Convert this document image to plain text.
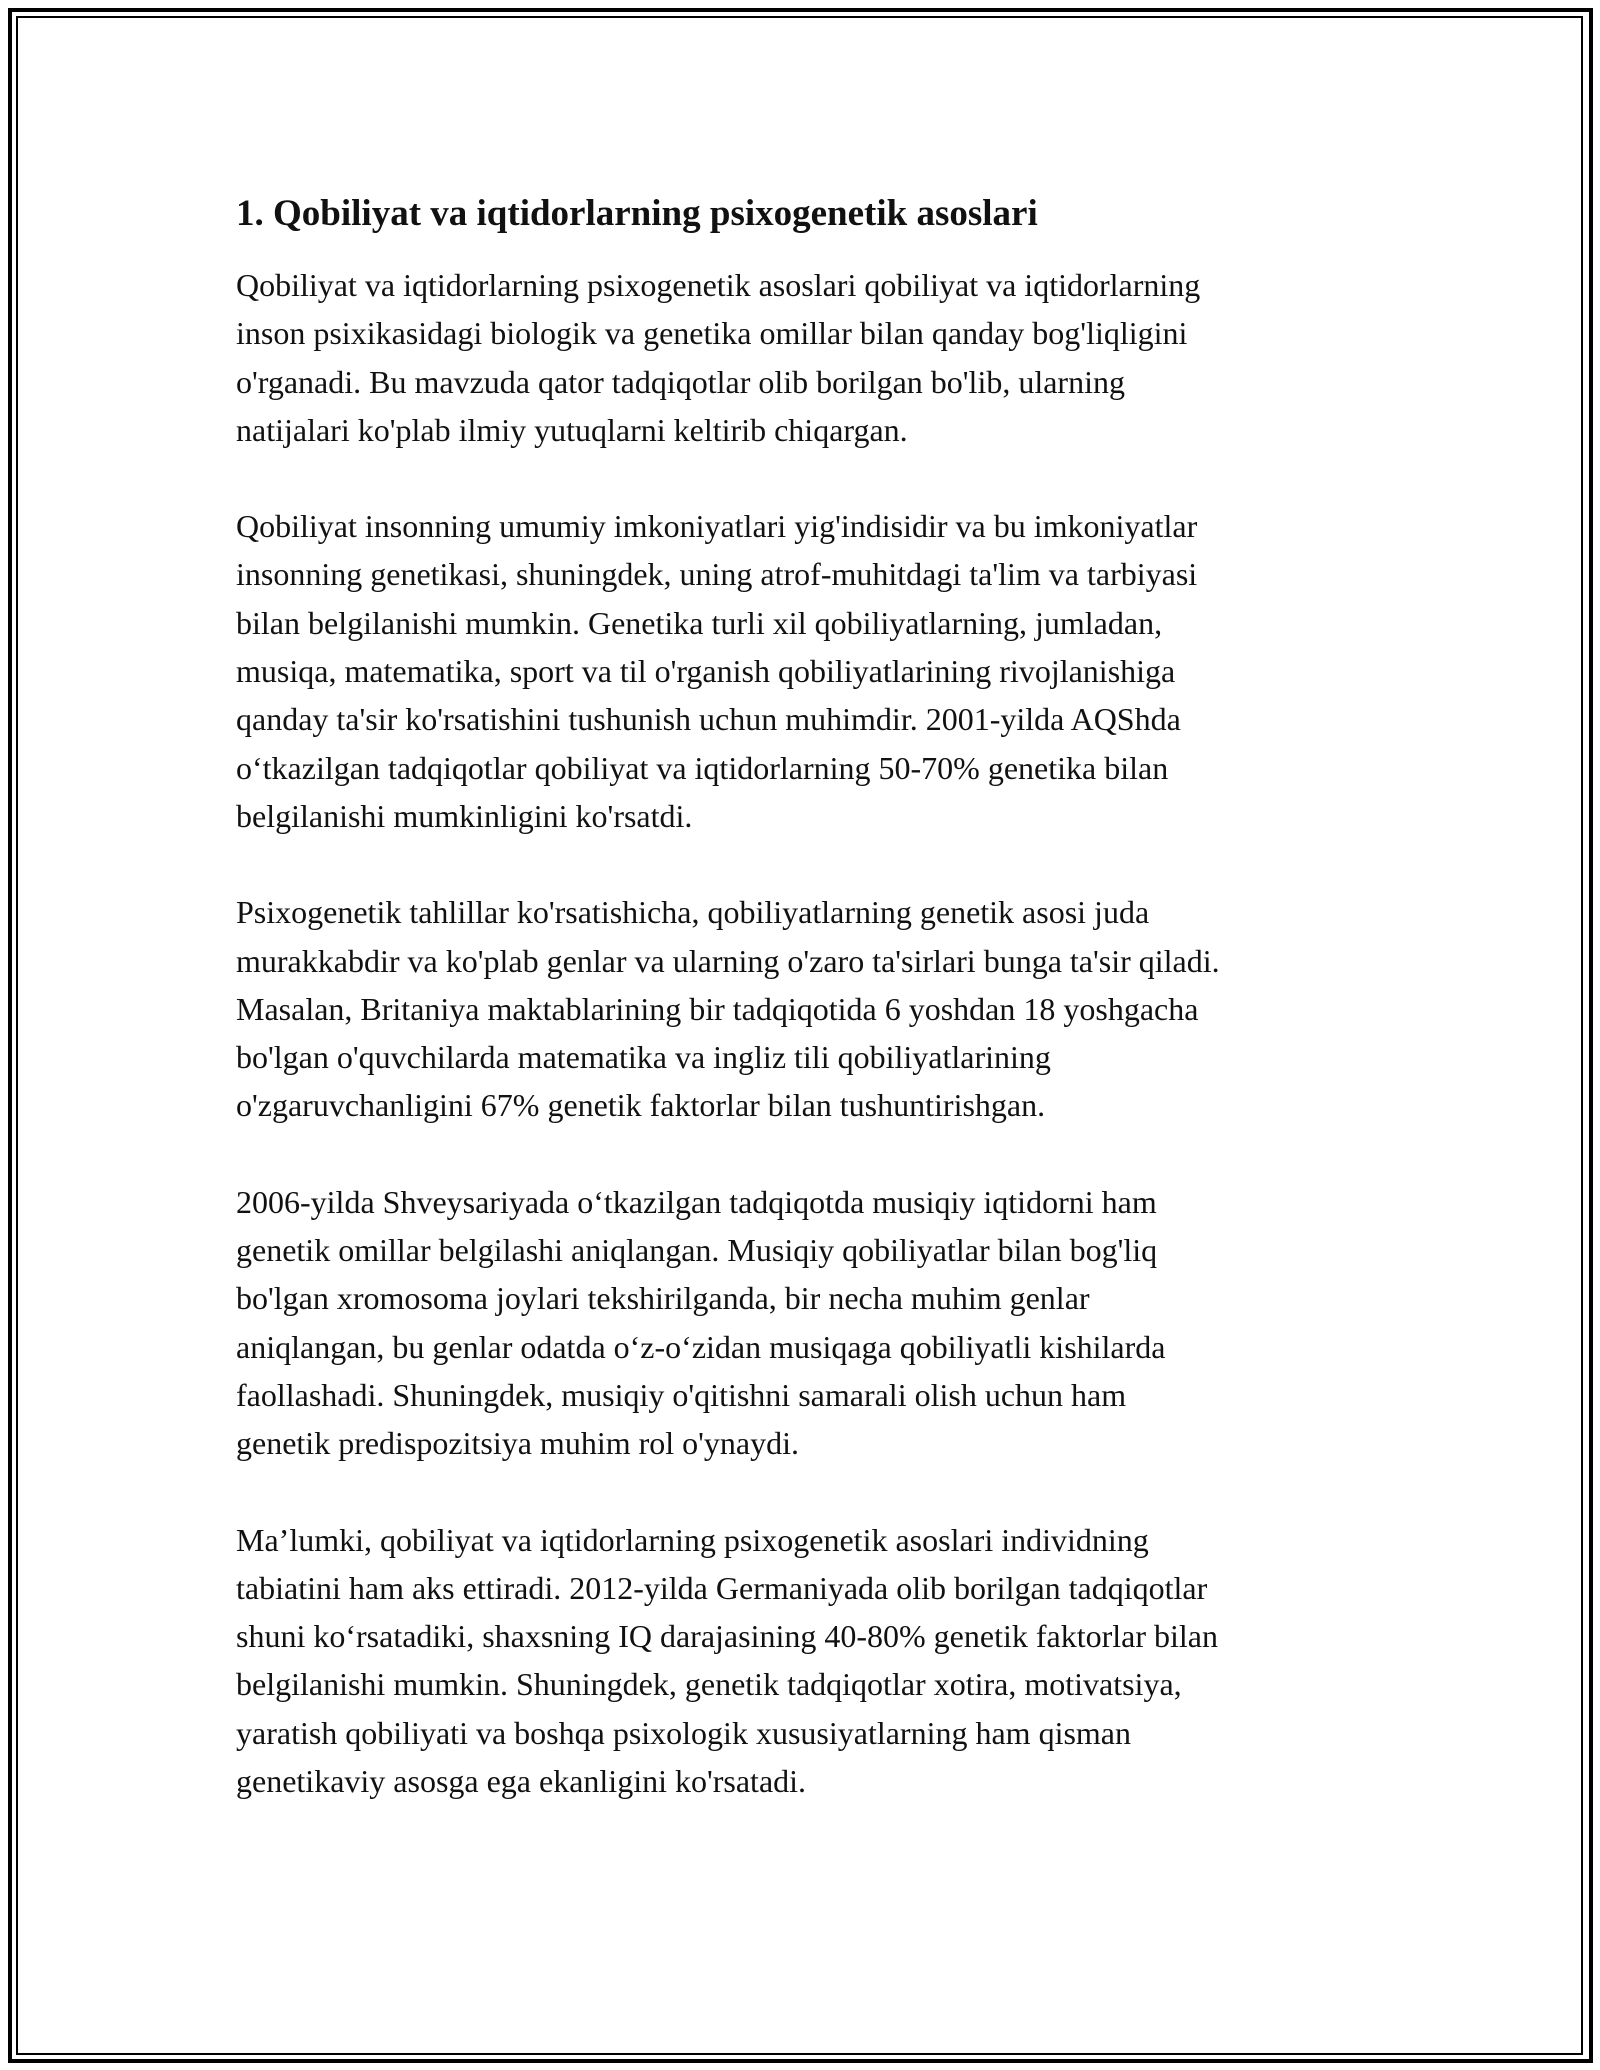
1. Qobiliyat va iqtidorlarning psixogenetik asoslari

Qobiliyat va iqtidorlarning psixogenetik asoslari qobiliyat va iqtidorlarning
inson psixikasidagi biologik va genetika omillar bilan qanday bog'liqligini
o'rganadi. Bu mavzuda qator tadqiqotlar olib borilgan bo'lib, ularning
natijalari ko'plab ilmiy yutuqlarni keltirib chiqargan.

Qobiliyat insonning umumiy imkoniyatlari yig'indisidir va bu imkoniyatlar
insonning genetikasi, shuningdek, uning atrof-muhitdagi ta'lim va tarbiyasi
bilan belgilanishi mumkin. Genetika turli xil qobiliyatlarning, jumladan,
musiqa, matematika, sport va til o'rganish qobiliyatlarining rivojlanishiga
qanday ta'sir ko'rsatishini tushunish uchun muhimdir. 2001-yilda AQShda
o‘tkazilgan tadqiqotlar qobiliyat va iqtidorlarning 50-70% genetika bilan
belgilanishi mumkinligini ko'rsatdi.

Psixogenetik tahlillar ko'rsatishicha, qobiliyatlarning genetik asosi juda
murakkabdir va ko'plab genlar va ularning o'zaro ta'sirlari bunga ta'sir qiladi.
Masalan, Britaniya maktablarining bir tadqiqotida 6 yoshdan 18 yoshgacha
bo'lgan o'quvchilarda matematika va ingliz tili qobiliyatlarining
o'zgaruvchanligini 67% genetik faktorlar bilan tushuntirishgan.

2006-yilda Shveysariyada o‘tkazilgan tadqiqotda musiqiy iqtidorni ham
genetik omillar belgilashi aniqlangan. Musiqiy qobiliyatlar bilan bog'liq
bo'lgan xromosoma joylari tekshirilganda, bir necha muhim genlar
aniqlangan, bu genlar odatda o‘z-o‘zidan musiqaga qobiliyatli kishilarda
faollashadi. Shuningdek, musiqiy o'qitishni samarali olish uchun ham
genetik predispozitsiya muhim rol o'ynaydi.

Ma’lumki, qobiliyat va iqtidorlarning psixogenetik asoslari individning
tabiatini ham aks ettiradi. 2012-yilda Germaniyada olib borilgan tadqiqotlar
shuni ko‘rsatadiki, shaxsning IQ darajasining 40-80% genetik faktorlar bilan
belgilanishi mumkin. Shuningdek, genetik tadqiqotlar xotira, motivatsiya,
yaratish qobiliyati va boshqa psixologik xususiyatlarning ham qisman
genetikaviy asosga ega ekanligini ko'rsatadi.
